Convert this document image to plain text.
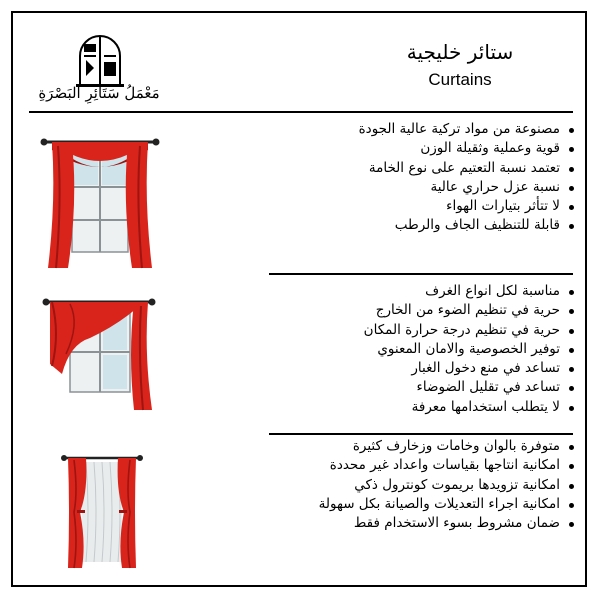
مَعْمَلُ سَتَائِرِ البَصْرَةِ
ستائر خليجية
Curtains
مصنوعة من مواد تركية عالية الجودة
قوية وعملية وثقيلة الوزن
تعتمد نسبة التعتيم على نوع الخامة
نسبة عزل حراري عالية
لا تتأثر بتيارات الهواء
قابلة للتنظيف الجاف والرطب
مناسبة لكل انواع الغرف
حرية في تنظيم الضوء من الخارج
حرية في تنظيم درجة حرارة المكان
توفير الخصوصية والامان المعنوي
تساعد في منع دخول الغبار
تساعد في تقليل الضوضاء
لا يتطلب استخدامها معرفة
متوفرة بالوان وخامات وزخارف كثيرة
امكانية انتاجها بقياسات واعداد غير محددة
امكانية تزويدها بريموت كونترول ذكي
امكانية اجراء التعديلات والصيانة بكل سهولة
ضمان مشروط بسوء الاستخدام فقط
